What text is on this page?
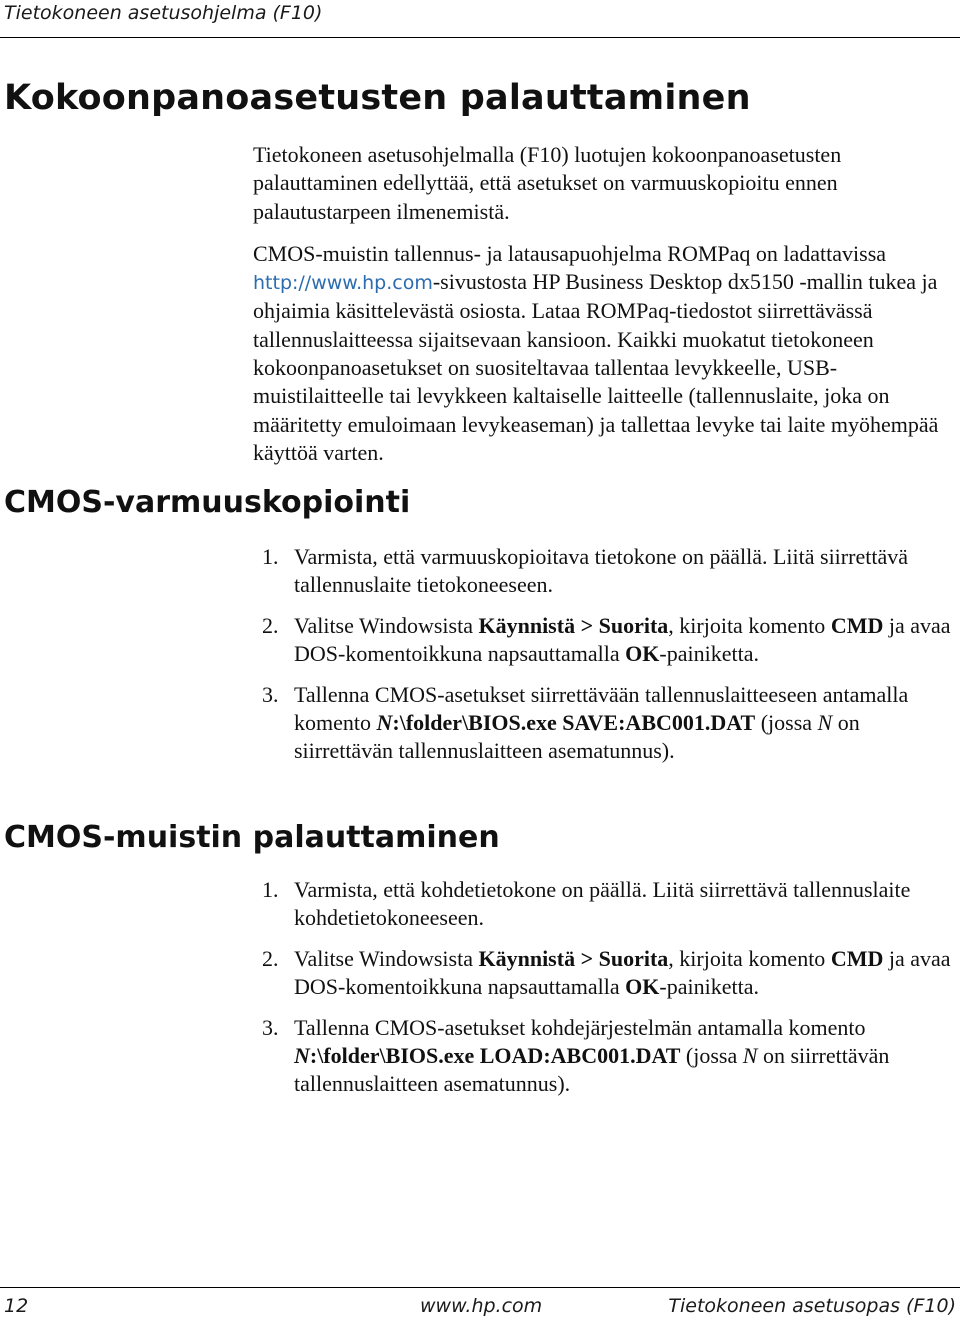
Tietokoneen asetusohjelma (F10)
Kokoonpanoasetusten palauttaminen

Tietokoneen asetusohjelmalla (F10) luotujen kokoonpanoasetusten palauttaminen edellyttää, että asetukset on varmuuskopioitu ennen palautustarpeen ilmenemistä.

CMOS-muistin tallennus- ja latausapuohjelma ROMPaq on ladattavissa http://www.hp.com-sivustosta HP Business Desktop dx5150 -mallin tukea ja ohjaimia käsittelevästä osiosta. Lataa ROMPaq-tiedostot siirrettävässä tallennuslaitteessa sijaitsevaan kansioon. Kaikki muokatut tietokoneen kokoonpanoasetukset on suositeltavaa tallentaa levykkeelle, USB-muistilaitteelle tai levykkeen kaltaiselle laitteelle (tallennuslaite, joka on määritetty emuloimaan levykeaseman) ja tallettaa levyke tai laite myöhempää käyttöä varten.

CMOS-varmuuskopiointi
1. Varmista, että varmuuskopioitava tietokone on päällä. Liitä siirrettävä tallennuslaite tietokoneeseen.
2. Valitse Windowsista Käynnistä > Suorita, kirjoita komento CMD ja avaa DOS-komentoikkuna napsauttamalla OK-painiketta.
3. Tallenna CMOS-asetukset siirrettävään tallennuslaitteeseen antamalla komento N:\folder\BIOS.exe SAVE:ABC001.DAT (jossa N on siirrettävän tallennuslaitteen asematunnus).
CMOS-muistin palauttaminen
1. Varmista, että kohdetietokone on päällä. Liitä siirrettävä tallennuslaite kohdetietokoneeseen.
2. Valitse Windowsista Käynnistä > Suorita, kirjoita komento CMD ja avaa DOS-komentoikkuna napsauttamalla OK-painiketta.
3. Tallenna CMOS-asetukset kohdejärjestelmän antamalla komento N:\folder\BIOS.exe LOAD:ABC001.DAT (jossa N on siirrettävän tallennuslaitteen asematunnus).
12	www.hp.com	Tietokoneen asetusopas (F10)
